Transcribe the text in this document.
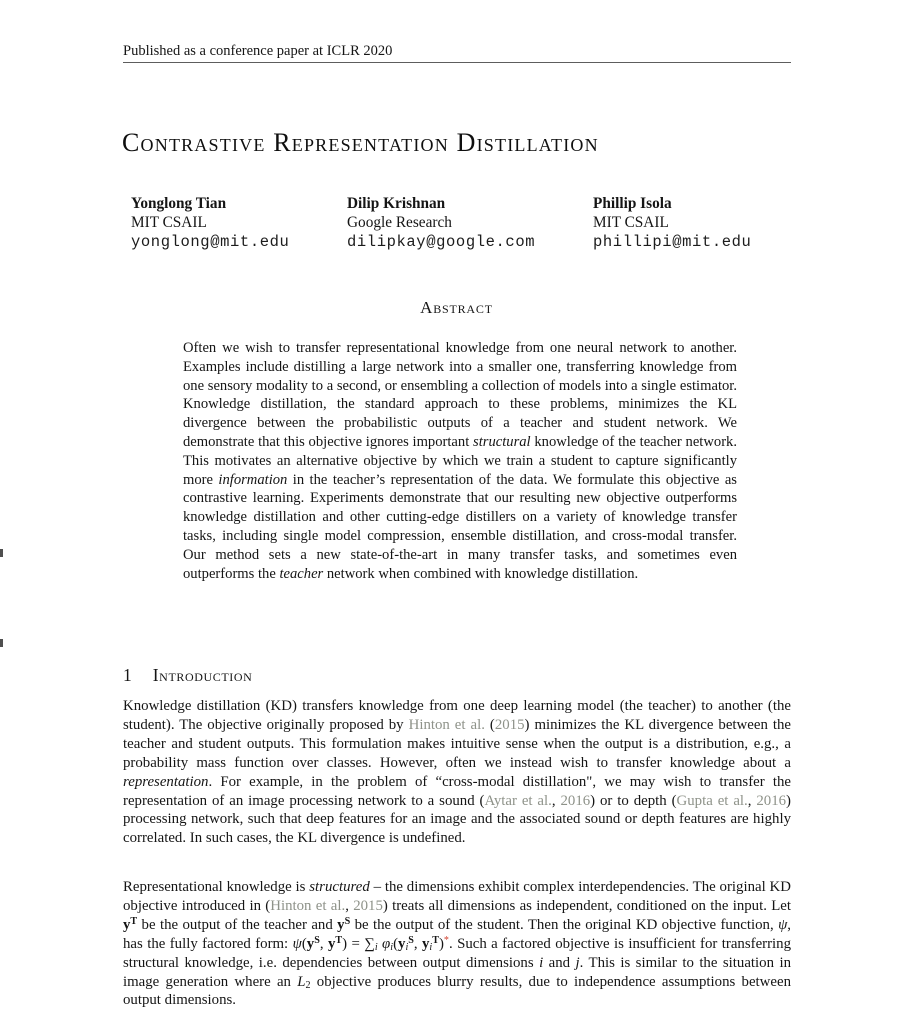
Published as a conference paper at ICLR 2020
Contrastive Representation Distillation
Yonglong Tian
MIT CSAIL
yonglong@mit.edu
Dilip Krishnan
Google Research
dilipkay@google.com
Phillip Isola
MIT CSAIL
phillipi@mit.edu
Abstract

Often we wish to transfer representational knowledge from one neural network to another. Examples include distilling a large network into a smaller one, transferring knowledge from one sensory modality to a second, or ensembling a collection of models into a single estimator. Knowledge distillation, the standard approach to these problems, minimizes the KL divergence between the probabilistic outputs of a teacher and student network. We demonstrate that this objective ignores important structural knowledge of the teacher network. This motivates an alternative objective by which we train a student to capture significantly more information in the teacher’s representation of the data. We formulate this objective as contrastive learning. Experiments demonstrate that our resulting new objective outperforms knowledge distillation and other cutting-edge distillers on a variety of knowledge transfer tasks, including single model compression, ensemble distillation, and cross-modal transfer. Our method sets a new state-of-the-art in many transfer tasks, and sometimes even outperforms the teacher network when combined with knowledge distillation.

1 Introduction

Knowledge distillation (KD) transfers knowledge from one deep learning model (the teacher) to another (the student). The objective originally proposed by Hinton et al. (2015) minimizes the KL divergence between the teacher and student outputs. This formulation makes intuitive sense when the output is a distribution, e.g., a probability mass function over classes. However, often we instead wish to transfer knowledge about a representation. For example, in the problem of “cross-modal distillation", we may wish to transfer the representation of an image processing network to a sound (Aytar et al., 2016) or to depth (Gupta et al., 2016) processing network, such that deep features for an image and the associated sound or depth features are highly correlated. In such cases, the KL divergence is undefined.

Representational knowledge is structured – the dimensions exhibit complex interdependencies. The original KD objective introduced in (Hinton et al., 2015) treats all dimensions as independent, conditioned on the input. Let $y^T$ be the output of the teacher and $y^S$ be the output of the student. Then the original KD objective function, ψ, has the fully factored form: $\psi(y^S$, $y^T) = \sum i$ $\varphi i(yi^S$, $yi^T)^*$. Such a factored objective is insufficient for transferring structural knowledge, i.e. dependencies between output dimensions i and j. This is similar to the situation in image generation where an L2 objective produces blurry results, due to independence assumptions between output dimensions.
